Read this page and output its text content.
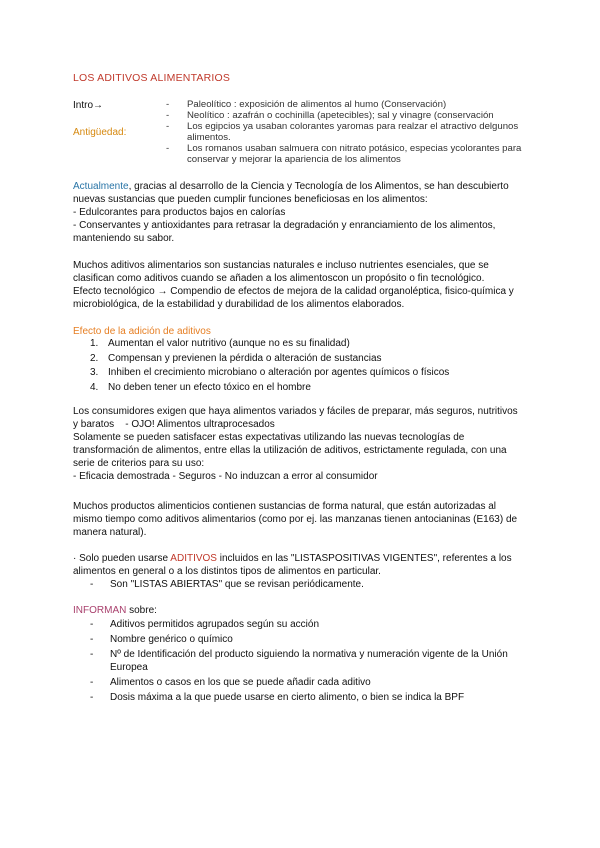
LOS ADITIVOS ALIMENTARIOS
Intro→
Antigüedad:
- Paleolítico : exposición de alimentos al humo (Conservación)
- Neolítico : azafrán o cochinilla (apetecibles); sal y vinagre (conservación
- Los egipcios ya usaban colorantes yaromas para realzar el atractivo delgunos alimentos.
- Los romanos usaban salmuera con nitrato potásico, especias ycolorantes para conservar y mejorar la apariencia de los alimentos
Actualmente, gracias al desarrollo de la Ciencia y Tecnología de los Alimentos, se han descubierto
nuevas sustancias que pueden cumplir funciones beneficiosas en los alimentos:
- Edulcorantes para productos bajos en calorías
- Conservantes y antioxidantes para retrasar la degradación y enranciamiento de los alimentos,
manteniendo su sabor.
Muchos aditivos alimentarios son sustancias naturales e incluso nutrientes esenciales, que se
clasifican como aditivos cuando se añaden a los alimentoscon un propósito o fin tecnológico.
Efecto tecnológico → Compendio de efectos de mejora de la calidad organoléptica, fisico-química y
microbiológica, de la estabilidad y durabilidad de los alimentos elaborados.
Efecto de la adición de aditivos
1. Aumentan el valor nutritivo (aunque no es su finalidad)
2. Compensan y previenen la pérdida o alteración de sustancias
3. Inhiben el crecimiento microbiano o alteración por agentes químicos o físicos
4. No deben tener un efecto tóxico en el hombre
Los consumidores exigen que haya alimentos variados y fáciles de preparar, más seguros, nutritivos
y baratos    - OJO! Alimentos ultraprocesados
Solamente se pueden satisfacer estas expectativas utilizando las nuevas tecnologías de
transformación de alimentos, entre ellas la utilización de aditivos, estrictamente regulada, con una
serie de criterios para su uso:
- Eficacia demostrada - Seguros - No induzcan a error al consumidor
Muchos productos alimenticios contienen sustancias de forma natural, que están autorizadas al
mismo tiempo como aditivos alimentarios (como por ej. las manzanas tienen antocianinas (E163) de
manera natural).
· Solo pueden usarse ADITIVOS incluidos en las "LISTASPOSITIVAS VIGENTES", referentes a los
alimentos en general o a los distintos tipos de alimentos en particular.
- Son "LISTAS ABIERTAS" que se revisan periódicamente.
INFORMAN sobre:
- Aditivos permitidos agrupados según su acción
- Nombre genérico o químico
- Nº de Identificación del producto siguiendo la normativa y numeración vigente de la Unión Europea
- Alimentos o casos en los que se puede añadir cada aditivo
- Dosis máxima a la que puede usarse en cierto alimento, o bien se indica la BPF
